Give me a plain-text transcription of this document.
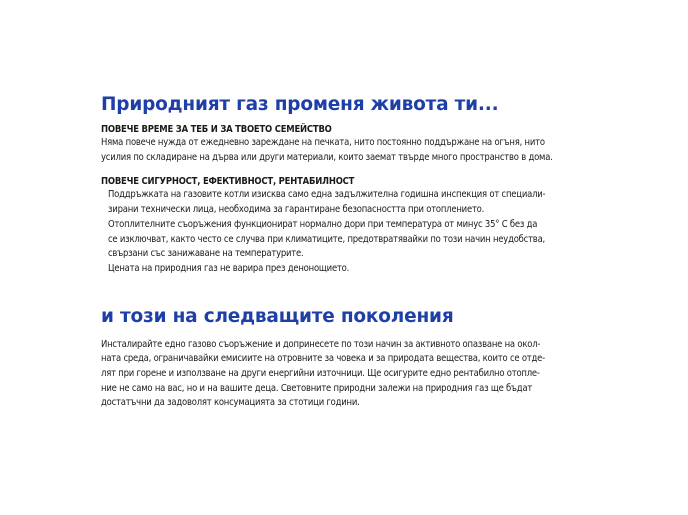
Природният газ променя живота ти...
ПОВЕЧЕ ВРЕМЕ ЗА ТЕБ И ЗА ТВОЕТО СЕМЕЙСТВО

Няма повече нужда от ежедневно зареждане на печката, нито постоянно поддържане на огъня, нито
усилия по складиране на дърва или други материали, които заемат твърде много пространство в дома.

ПОВЕЧЕ СИГУРНОСТ, ЕФЕКТИВНОСТ, РЕНТАБИЛНОСТ

Поддръжката на газовите котли изисква само една задължителна годишна инспекция от специали-
зирани технически лица, необходима за гарантиране безопасността при отоплението.
Отоплителните съоръжения функционират нормално дори при температура от минус 35° С без да
се изключват, както често се случва при климатиците, предотвратявайки по този начин неудобства,
свързани със занижаване на температурите.
Цената на природния газ не варира през денонощието.

и този на следващите поколения

Инсталирайте едно газово съоръжение и допринесете по този начин за активното опазване на окол-
ната среда, ограничавайки емисиите на отровните за човека и за природата вещества, които се отде-
лят при горене и използване на други енергийни източници. Ще осигурите едно рентабилно отопле-
ние не само на вас, но и на вашите деца. Световните природни залежи на природния газ ще бъдат
достатъчни да задоволят консумацията за стотици години.
